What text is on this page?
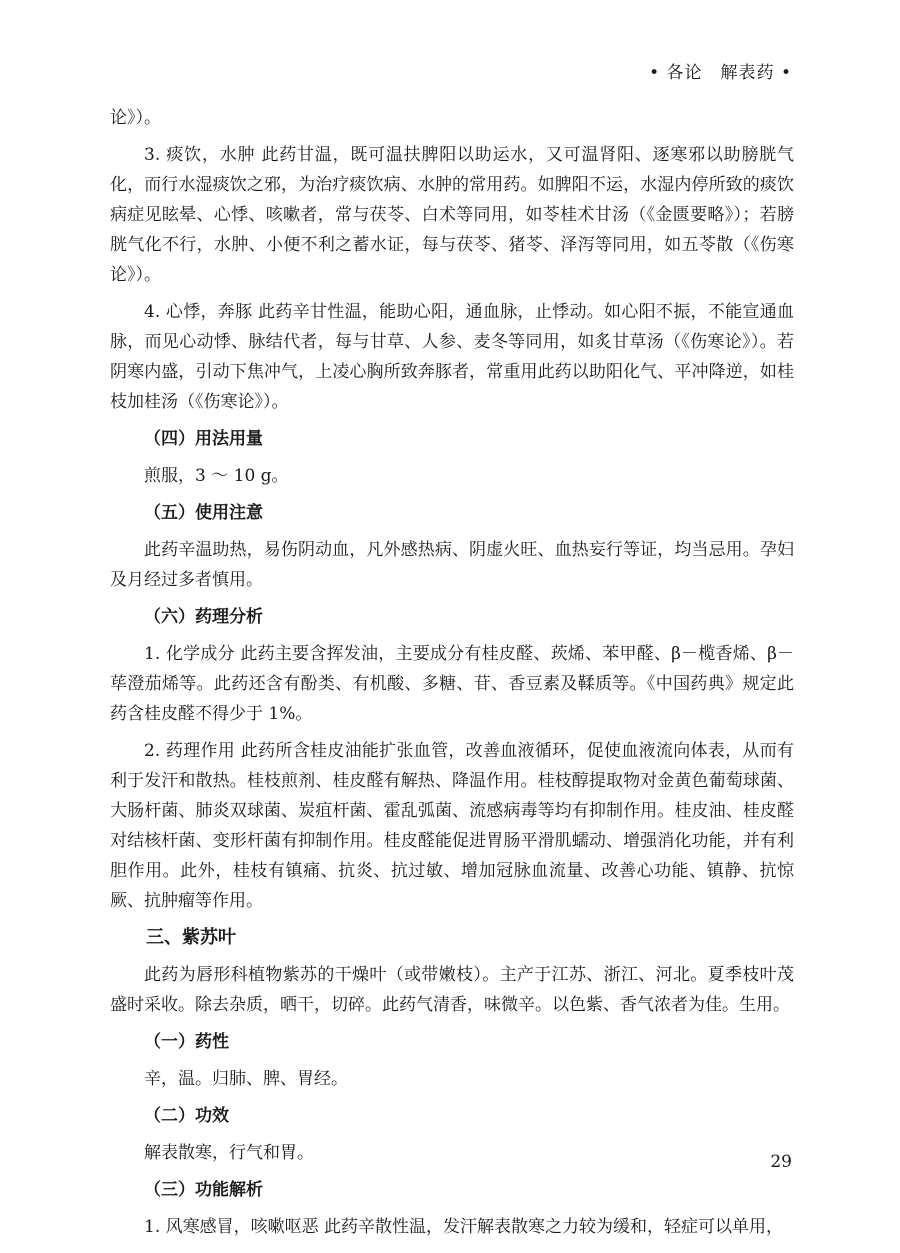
• 各论　解表药 •

论》）。

3. 痰饮，水肿 此药甘温，既可温扶脾阳以助运水，又可温肾阳、逐寒邪以助膀胱气化，而行水湿痰饮之邪，为治疗痰饮病、水肿的常用药。如脾阳不运，水湿内停所致的痰饮病症见眩晕、心悸、咳嗽者，常与茯苓、白术等同用，如苓桂术甘汤（《金匮要略》）；若膀胱气化不行，水肿、小便不利之蓄水证，每与茯苓、猪苓、泽泻等同用，如五苓散（《伤寒论》）。

4. 心悸，奔豚 此药辛甘性温，能助心阳，通血脉，止悸动。如心阳不振，不能宣通血脉，而见心动悸、脉结代者，每与甘草、人参、麦冬等同用，如炙甘草汤（《伤寒论》）。若阴寒内盛，引动下焦冲气，上凌心胸所致奔豚者，常重用此药以助阳化气、平冲降逆，如桂枝加桂汤（《伤寒论》）。

（四）用法用量

煎服，3 ～ 10 g。

（五）使用注意

此药辛温助热，易伤阴动血，凡外感热病、阴虚火旺、血热妄行等证，均当忌用。孕妇及月经过多者慎用。

（六）药理分析

1. 化学成分 此药主要含挥发油，主要成分有桂皮醛、莰烯、苯甲醛、β－榄香烯、β－荜澄茄烯等。此药还含有酚类、有机酸、多糖、苷、香豆素及鞣质等。《中国药典》规定此药含桂皮醛不得少于 1%。

2. 药理作用 此药所含桂皮油能扩张血管，改善血液循环，促使血液流向体表，从而有利于发汗和散热。桂枝煎剂、桂皮醛有解热、降温作用。桂枝醇提取物对金黄色葡萄球菌、大肠杆菌、肺炎双球菌、炭疽杆菌、霍乱弧菌、流感病毒等均有抑制作用。桂皮油、桂皮醛对结核杆菌、变形杆菌有抑制作用。桂皮醛能促进胃肠平滑肌蠕动、增强消化功能，并有利胆作用。此外，桂枝有镇痛、抗炎、抗过敏、增加冠脉血流量、改善心功能、镇静、抗惊厥、抗肿瘤等作用。

三、紫苏叶

此药为唇形科植物紫苏的干燥叶（或带嫩枝）。主产于江苏、浙江、河北。夏季枝叶茂盛时采收。除去杂质，晒干，切碎。此药气清香，味微辛。以色紫、香气浓者为佳。生用。

（一）药性

辛，温。归肺、脾、胃经。

（二）功效

解表散寒，行气和胃。

（三）功能解析

1. 风寒感冒，咳嗽呕恶 此药辛散性温，发汗解表散寒之力较为缓和，轻症可以单用，

29
